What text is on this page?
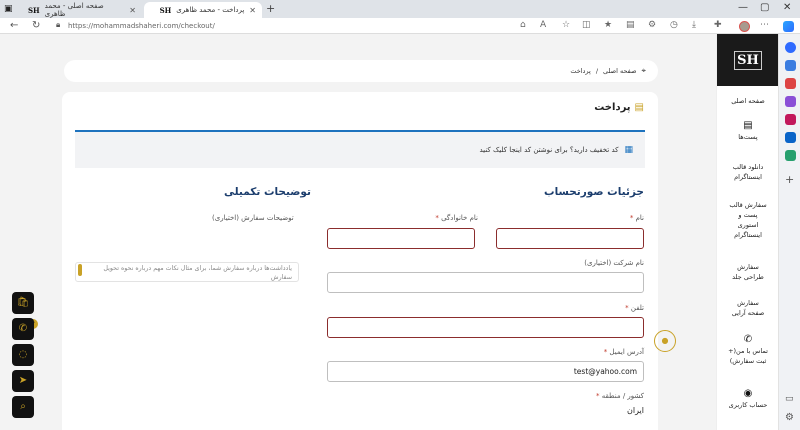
▣	✕
صفحه اصلی - محمد ظاهری
SH	✕
پرداخت - محمد ظاهری
SH	+	— ▢ ✕
← ↻ 🔒︎ https://mohammadshaheri.com/checkout/	⌂ A ☆ ◫ ★ ▤ ⚙ ◷ ⤓ ✚	⋯
+
▭
⚙
SH
صفحه اصلی
▤
پست‌ها
دانلود قالب اینستاگرام
سفارش قالب پست و استوری اینستاگرام
سفارش طراحی جلد
سفارش صفحه آرایی
✆
تماس با من(+ ثبت سفارش)
◉
حساب کاربری
⌖
صفحه اصلی
/
پرداخت
▤
پرداخت
▦
کد تخفیف دارید؟ برای نوشتن کد اینجا کلیک کنید
جزئیات صورتحساب
توضیحات تکمیلی
نام *
نام خانوادگی *
توضیحات سفارش (اختیاری)
یادداشت‌ها درباره سفارش شما، برای مثال نکات مهم درباره نحوه تحویل سفارش
نام شرکت (اختیاری)
تلفن *
آدرس ایمیل *
test@yahoo.com
کشور / منطقه *
ایران
●
🛍︎
✆
◌
➤
⌕
